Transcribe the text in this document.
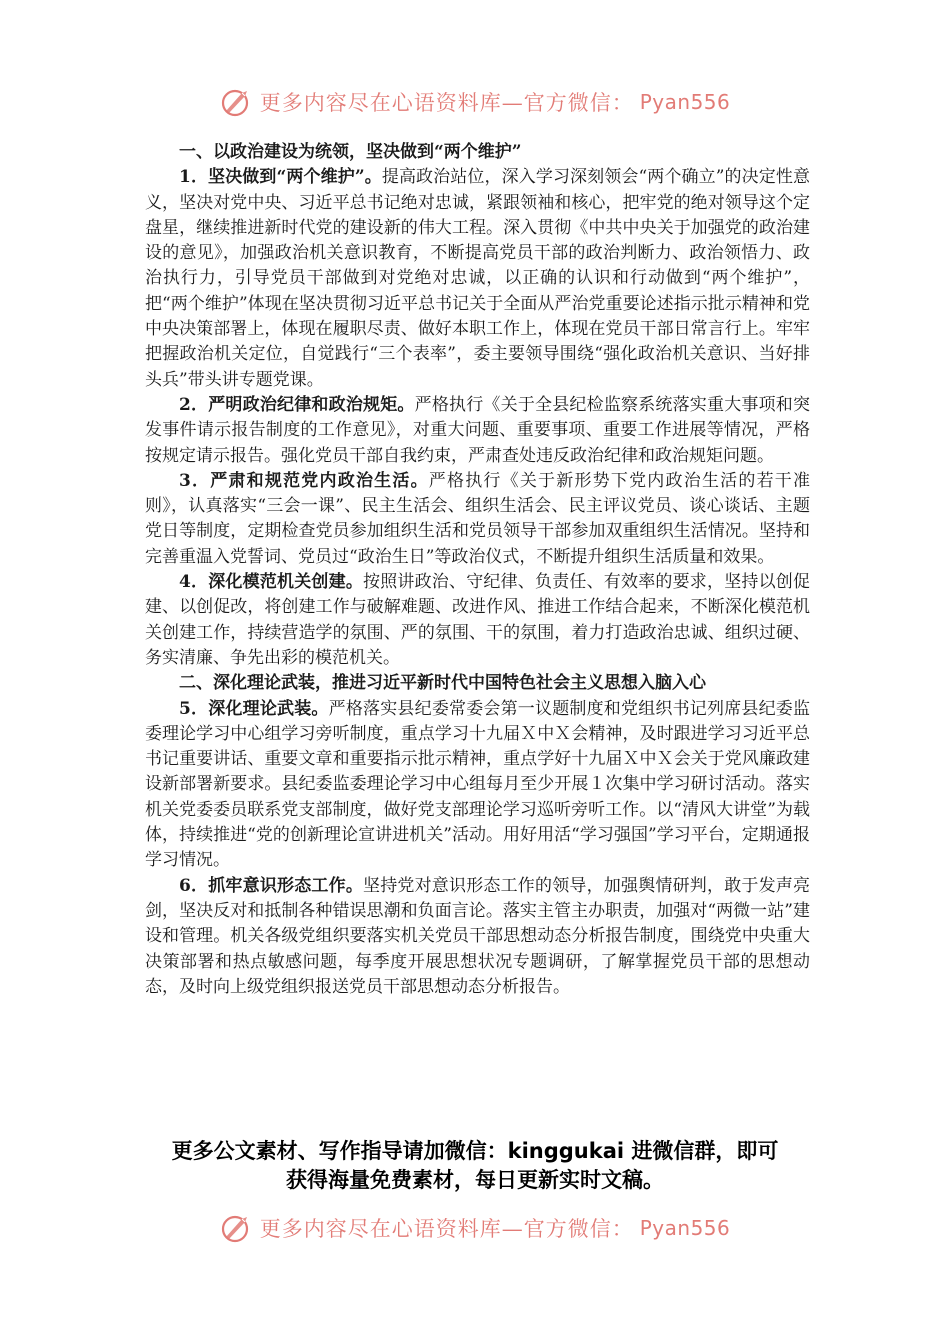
更多内容尽在心语资料库—官方微信： Pyan556

一、以政治建设为统领，坚决做到“两个维护”

1．坚决做到“两个维护”。提高政治站位，深入学习深刻领会“两个确立”的决定性意义，坚决对党中央、习近平总书记绝对忠诚，紧跟领袖和核心，把牢党的绝对领导这个定盘星，继续推进新时代党的建设新的伟大工程。深入贯彻《中共中央关于加强党的政治建设的意见》，加强政治机关意识教育，不断提高党员干部的政治判断力、政治领悟力、政治执行力，引导党员干部做到对党绝对忠诚，以正确的认识和行动做到“两个维护”，把“两个维护”体现在坚决贯彻习近平总书记关于全面从严治党重要论述指示批示精神和党中央决策部署上，体现在履职尽责、做好本职工作上，体现在党员干部日常言行上。牢牢把握政治机关定位，自觉践行“三个表率”，委主要领导围绕“强化政治机关意识、当好排头兵”带头讲专题党课。

2．严明政治纪律和政治规矩。严格执行《关于全县纪检监察系统落实重大事项和突发事件请示报告制度的工作意见》，对重大问题、重要事项、重要工作进展等情况，严格按规定请示报告。强化党员干部自我约束，严肃查处违反政治纪律和政治规矩问题。

3．严肃和规范党内政治生活。严格执行《关于新形势下党内政治生活的若干准则》，认真落实“三会一课”、民主生活会、组织生活会、民主评议党员、谈心谈话、主题党日等制度，定期检查党员参加组织生活和党员领导干部参加双重组织生活情况。坚持和完善重温入党誓词、党员过“政治生日”等政治仪式，不断提升组织生活质量和效果。

4．深化模范机关创建。按照讲政治、守纪律、负责任、有效率的要求，坚持以创促建、以创促改，将创建工作与破解难题、改进作风、推进工作结合起来，不断深化模范机关创建工作，持续营造学的氛围、严的氛围、干的氛围，着力打造政治忠诚、组织过硬、务实清廉、争先出彩的模范机关。

二、深化理论武装，推进习近平新时代中国特色社会主义思想入脑入心

5．深化理论武装。严格落实县纪委常委会第一议题制度和党组织书记列席县纪委监委理论学习中心组学习旁听制度，重点学习十九届Ｘ中Ｘ会精神，及时跟进学习习近平总书记重要讲话、重要文章和重要指示批示精神，重点学好十九届Ｘ中Ｘ会关于党风廉政建设新部署新要求。县纪委监委理论学习中心组每月至少开展１次集中学习研讨活动。落实机关党委委员联系党支部制度，做好党支部理论学习巡听旁听工作。以“清风大讲堂”为载体，持续推进“党的创新理论宣讲进机关”活动。用好用活“学习强国”学习平台，定期通报学习情况。

6．抓牢意识形态工作。坚持党对意识形态工作的领导，加强舆情研判，敢于发声亮剑，坚决反对和抵制各种错误思潮和负面言论。落实主管主办职责，加强对“两微一站”建设和管理。机关各级党组织要落实机关党员干部思想动态分析报告制度，围绕党中央重大决策部署和热点敏感问题，每季度开展思想状况专题调研，了解掌握党员干部的思想动态，及时向上级党组织报送党员干部思想动态分析报告。

更多公文素材、写作指导请加微信：kinggukai 进微信群，即可
获得海量免费素材，每日更新实时文稿。
更多内容尽在心语资料库—官方微信： Pyan556
